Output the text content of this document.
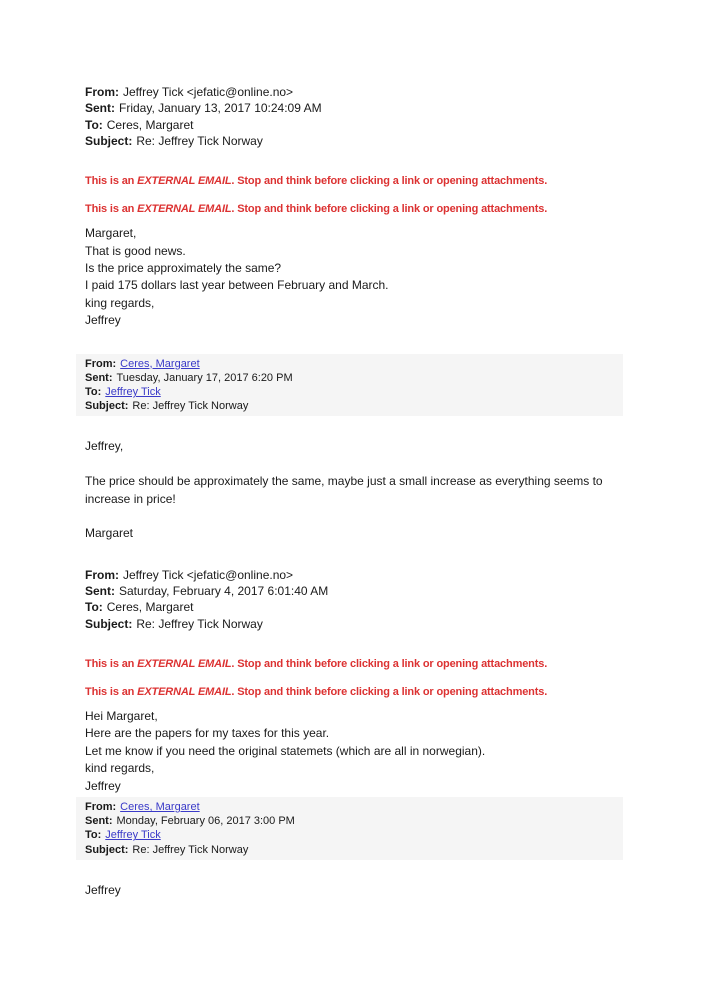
From: Jeffrey Tick <jefatic@online.no>
Sent: Friday, January 13, 2017 10:24:09 AM
To: Ceres, Margaret
Subject: Re: Jeffrey Tick Norway

This is an EXTERNAL EMAIL. Stop and think before clicking a link or opening attachments.

This is an EXTERNAL EMAIL. Stop and think before clicking a link or opening attachments.

Margaret,
That is good news.
Is the price approximately the same?
I paid 175 dollars last year between February and March.
king regards,
Jeffrey
From: Ceres, Margaret
Sent: Tuesday, January 17, 2017 6:20 PM
To: Jeffrey Tick
Subject: Re: Jeffrey Tick Norway
Jeffrey,
The price should be approximately the same, maybe just a small increase as everything seems to increase in price!
Margaret
From: Jeffrey Tick <jefatic@online.no>
Sent: Saturday, February 4, 2017 6:01:40 AM
To: Ceres, Margaret
Subject: Re: Jeffrey Tick Norway

This is an EXTERNAL EMAIL. Stop and think before clicking a link or opening attachments.

This is an EXTERNAL EMAIL. Stop and think before clicking a link or opening attachments.

Hei Margaret,
Here are the papers for my taxes for this year.
Let me know if you need the original statemets (which are all in norwegian).
kind regards,
Jeffrey
From: Ceres, Margaret
Sent: Monday, February 06, 2017 3:00 PM
To: Jeffrey Tick
Subject: Re: Jeffrey Tick Norway
Jeffrey
